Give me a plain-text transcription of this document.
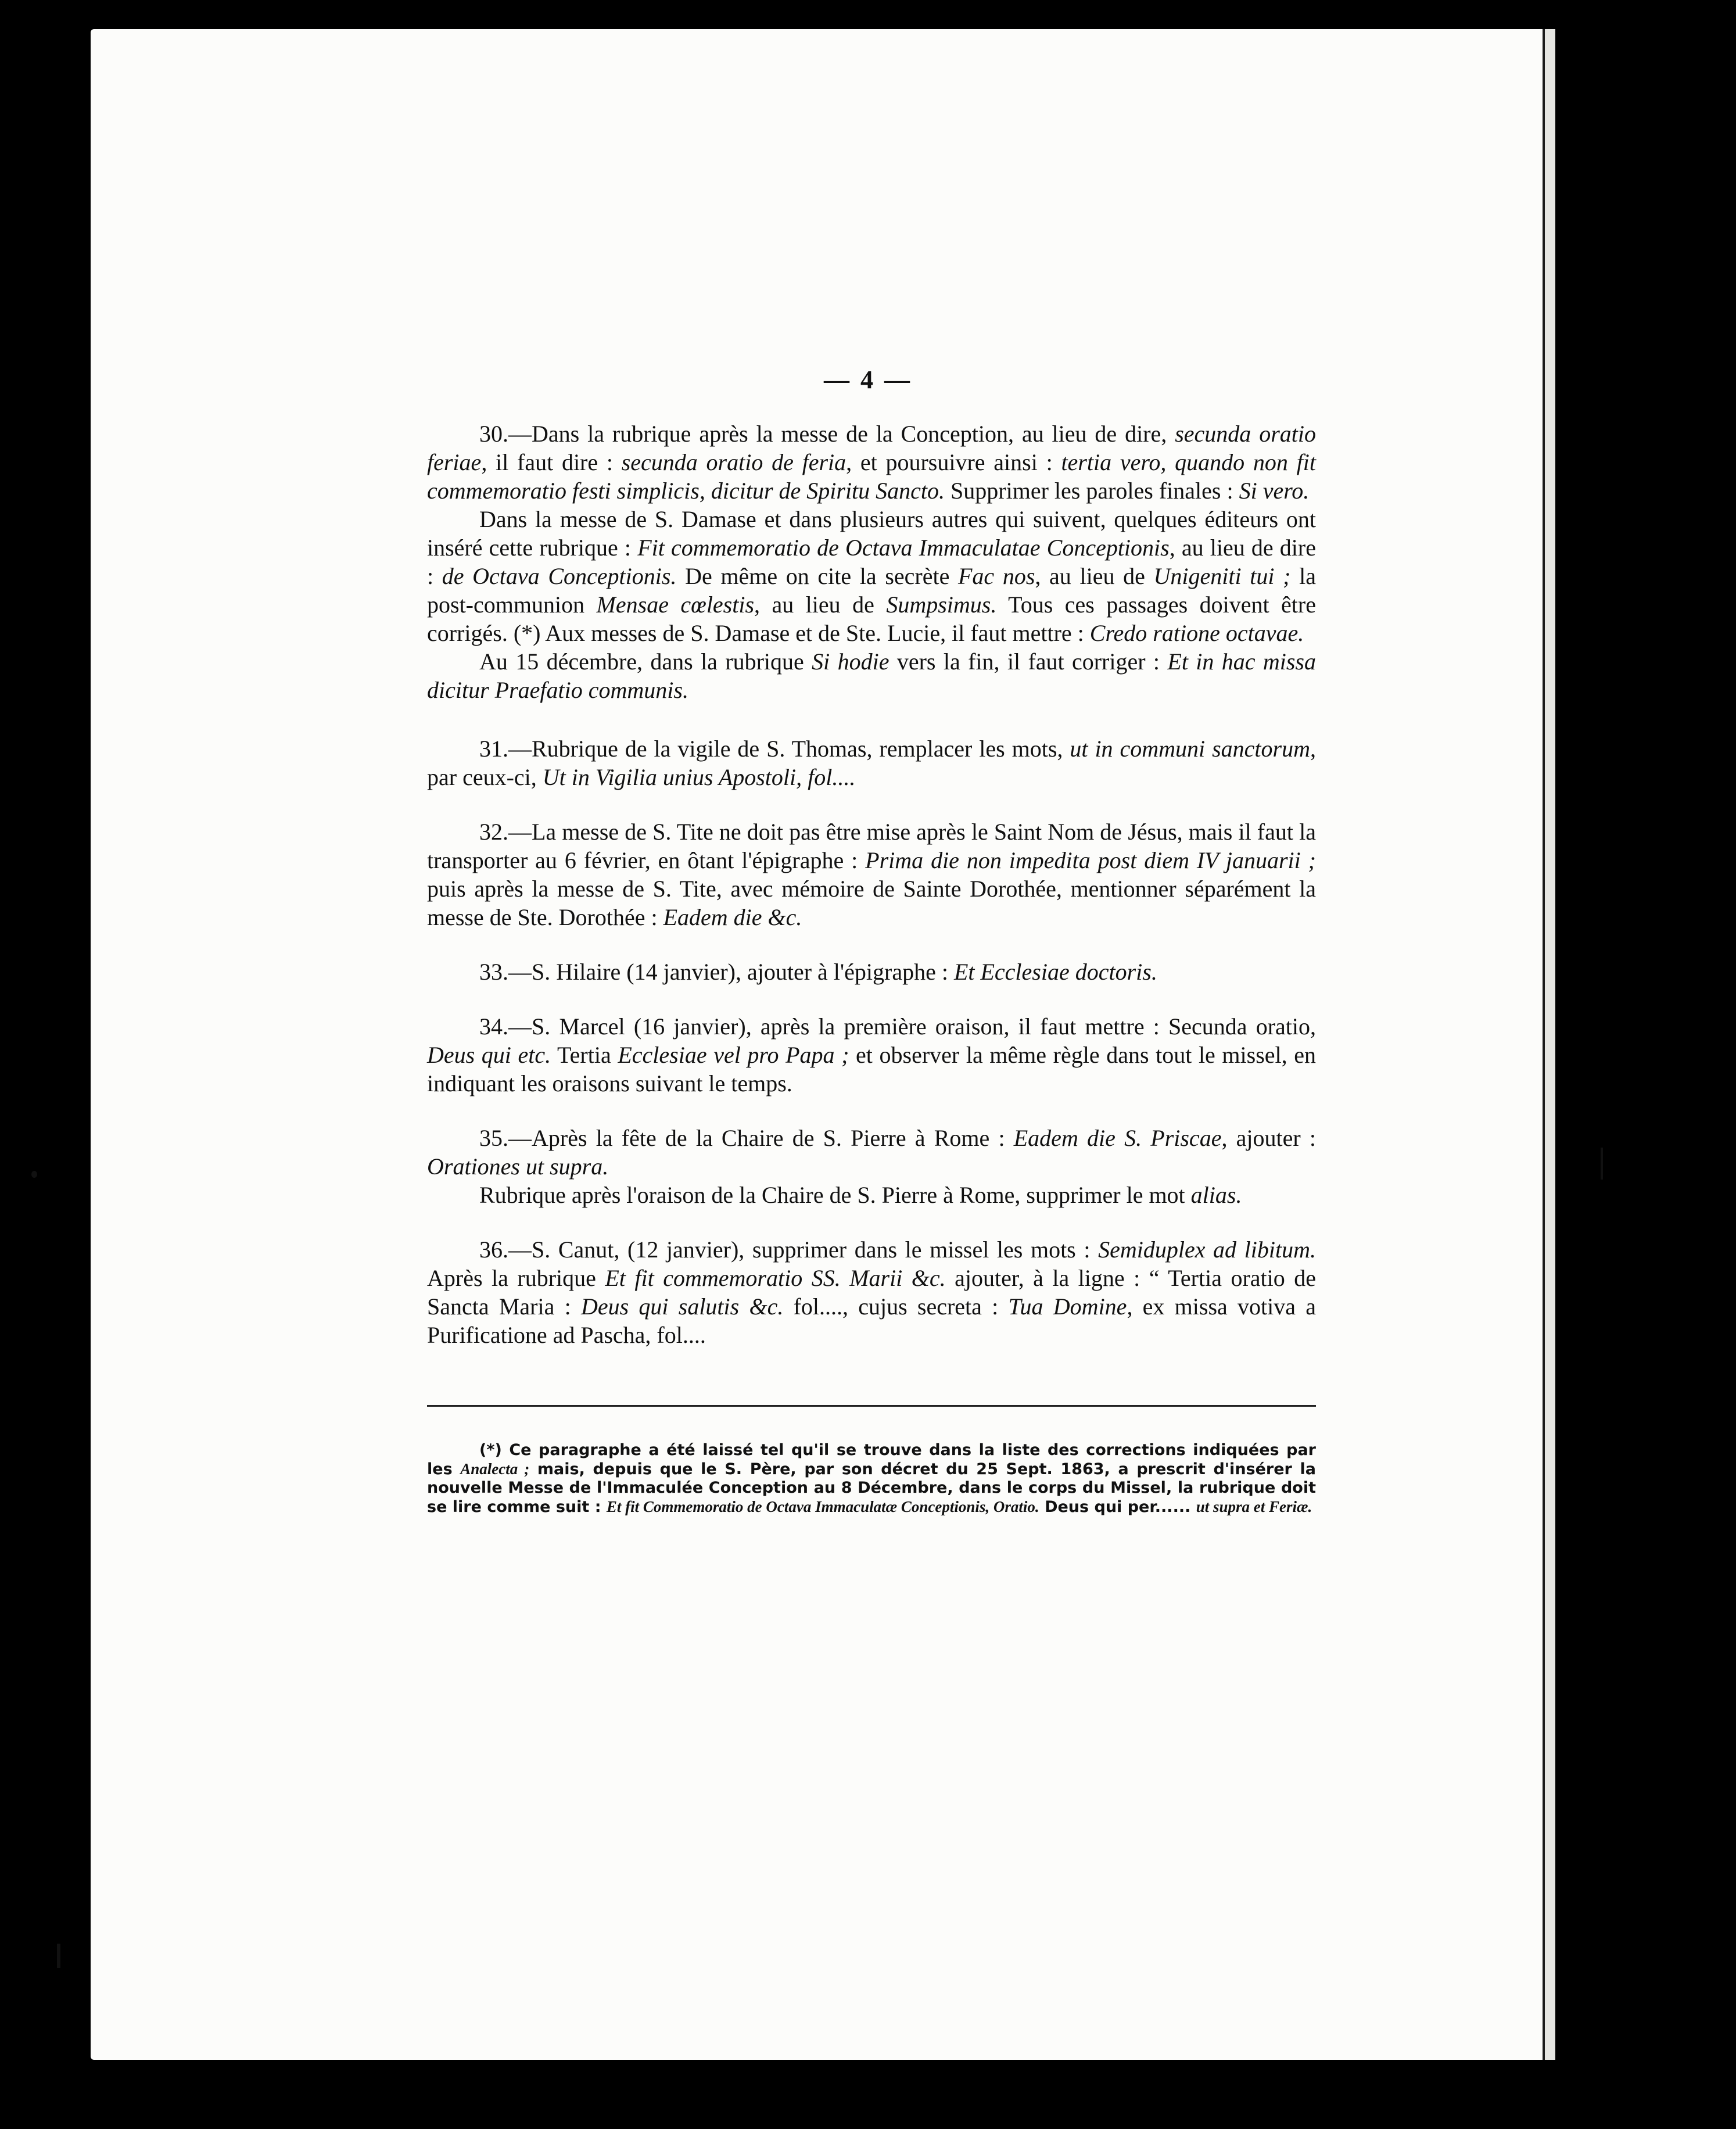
— 4 —

30.—Dans la rubrique après la messe de la Conception, au lieu de dire, secunda oratio feriae, il faut dire : secunda oratio de feria, et poursuivre ainsi : tertia vero, quando non fit commemoratio festi simplicis, dicitur de Spiritu Sancto. Supprimer les paroles finales : Si vero.

Dans la messe de S. Damase et dans plusieurs autres qui suivent, quelques éditeurs ont inséré cette rubrique : Fit commemoratio de Octava Immaculatae Conceptionis, au lieu de dire : de Octava Conceptionis. De même on cite la secrète Fac nos, au lieu de Unigeniti tui ; la post-communion Mensae cœlestis, au lieu de Sumpsimus. Tous ces passages doivent être corrigés. (*) Aux messes de S. Damase et de Ste. Lucie, il faut mettre : Credo ratione octavae.

Au 15 décembre, dans la rubrique Si hodie vers la fin, il faut corriger : Et in hac missa dicitur Praefatio communis.

31.—Rubrique de la vigile de S. Thomas, remplacer les mots, ut in communi sanctorum, par ceux-ci, Ut in Vigilia unius Apostoli, fol....

32.—La messe de S. Tite ne doit pas être mise après le Saint Nom de Jésus, mais il faut la transporter au 6 février, en ôtant l'épigraphe : Prima die non impedita post diem IV januarii ; puis après la messe de S. Tite, avec mémoire de Sainte Dorothée, mentionner séparément la messe de Ste. Dorothée : Eadem die &c.

33.—S. Hilaire (14 janvier), ajouter à l'épigraphe : Et Ecclesiae doctoris.

34.—S. Marcel (16 janvier), après la première oraison, il faut mettre : Secunda oratio, Deus qui etc. Tertia Ecclesiae vel pro Papa ; et observer la même règle dans tout le missel, en indiquant les oraisons suivant le temps.

35.—Après la fête de la Chaire de S. Pierre à Rome : Eadem die S. Priscae, ajouter : Orationes ut supra.

Rubrique après l'oraison de la Chaire de S. Pierre à Rome, supprimer le mot alias.

36.—S. Canut, (12 janvier), supprimer dans le missel les mots : Semiduplex ad libitum. Après la rubrique Et fit commemoratio SS. Marii &c. ajouter, à la ligne : “ Tertia oratio de Sancta Maria : Deus qui salutis &c. fol...., cujus secreta : Tua Domine, ex missa votiva a Purificatione ad Pascha, fol....

(*) Ce paragraphe a été laissé tel qu'il se trouve dans la liste des corrections indiquées par les Analecta ; mais, depuis que le S. Père, par son décret du 25 Sept. 1863, a prescrit d'insérer la nouvelle Messe de l'Immaculée Conception au 8 Décembre, dans le corps du Missel, la rubrique doit se lire comme suit : Et fit Commemoratio de Octava Immaculatæ Conceptionis, Oratio. Deus qui per...... ut supra et Feriæ.
